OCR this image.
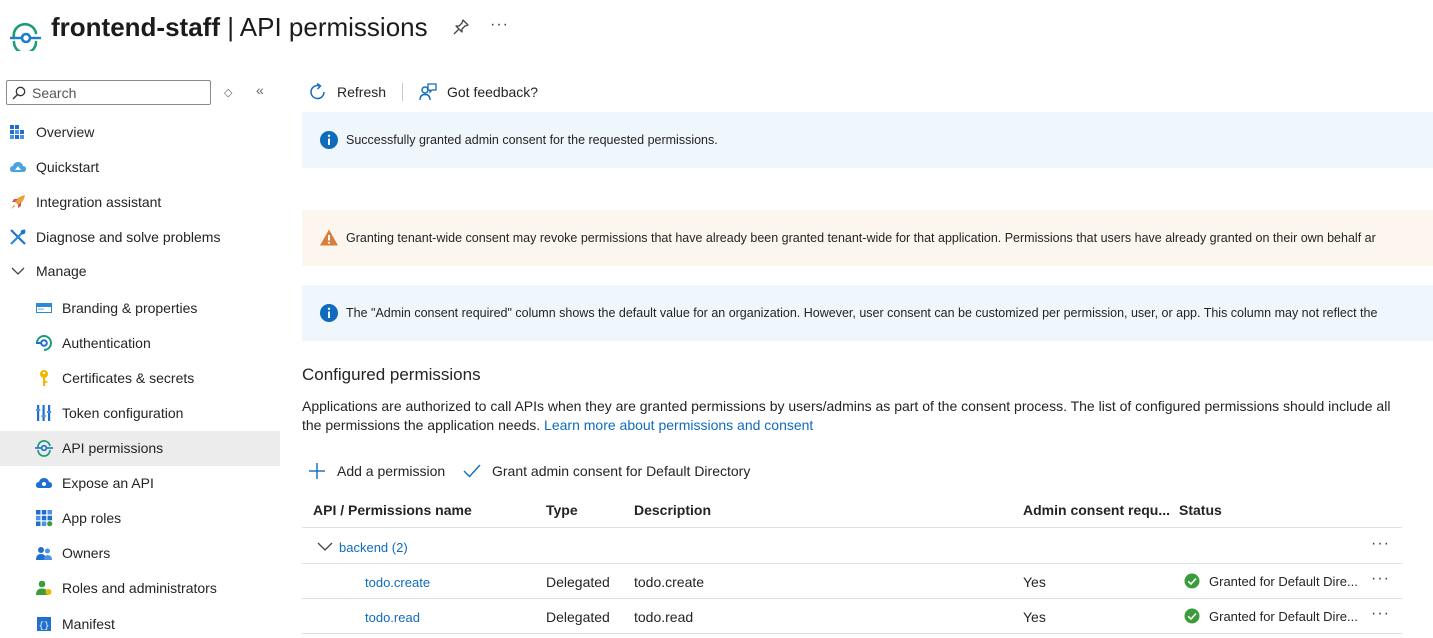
frontend-staff | API permissions	···
Search
◇ «
Overview
Quickstart
Integration assistant
Diagnose and solve problems
Manage
Branding & properties
Authentication
Certificates & secrets
Token configuration
API permissions
Expose an API
App roles
Owners
Roles and administrators
{} Manifest
Refresh	Got feedback?
Successfully granted admin consent for the requested permissions.
Granting tenant-wide consent may revoke permissions that have already been granted tenant-wide for that application. Permissions that users have already granted on their own behalf ar
The "Admin consent required" column shows the default value for an organization. However, user consent can be customized per permission, user, or app. This column may not reflect the
Configured permissions
Applications are authorized to call APIs when they are granted permissions by users/admins as part of the consent process. The list of configured permissions should include all the permissions the application needs. Learn more about permissions and consent
Add a permission	Grant admin consent for Default Directory
API / Permissions name	Type	Description	Admin consent requ... Status
backend (2)	···
todo.create	Delegated todo.create	Yes	Granted for Default Dire... ···
todo.read	Delegated todo.read	Yes	Granted for Default Dire... ···
